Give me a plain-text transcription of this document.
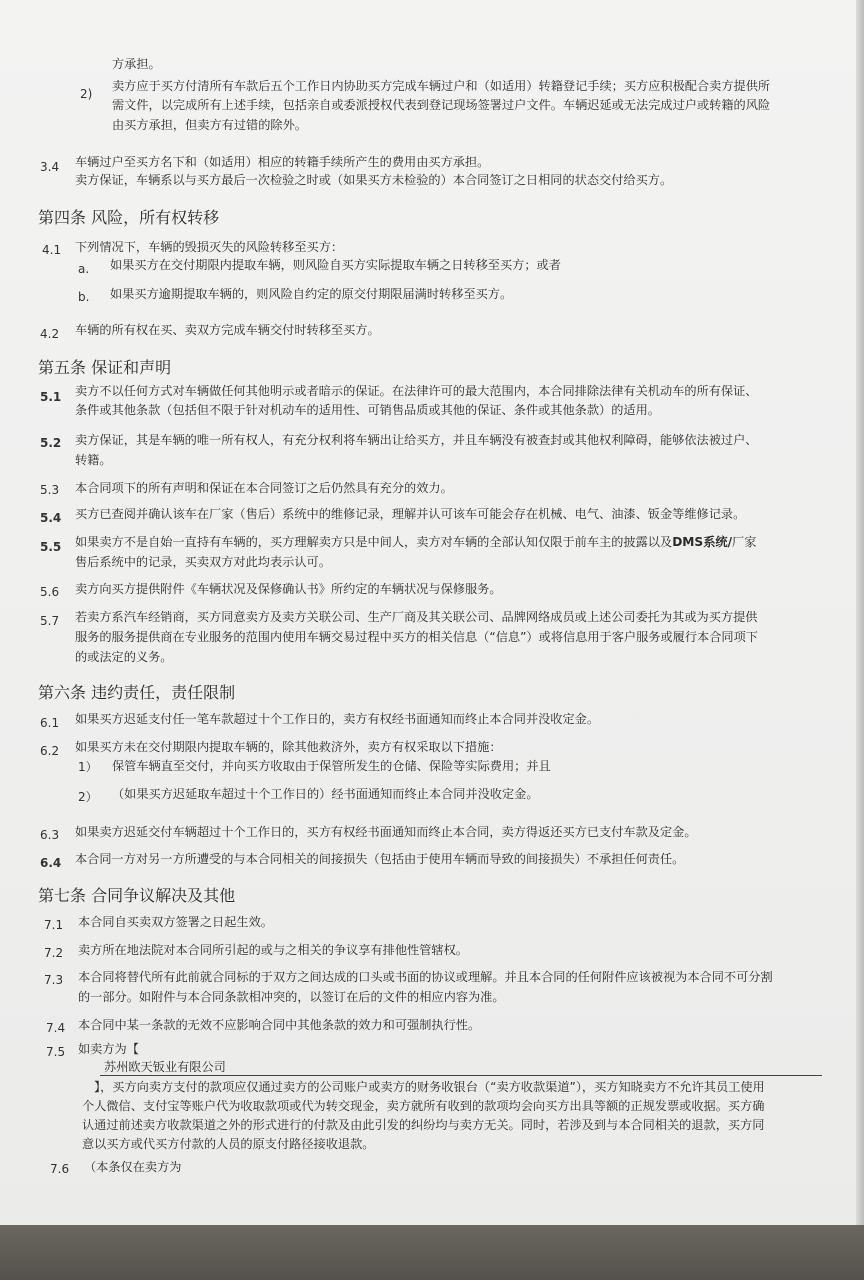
方承担。
2)
卖方应于买方付清所有车款后五个工作日内协助买方完成车辆过户和（如适用）转籍登记手续；买方应积极配合卖方提供所
需文件，以完成所有上述手续，包括亲自或委派授权代表到登记现场签署过户文件。车辆迟延或无法完成过户或转籍的风险
由买方承担，但卖方有过错的除外。
3.4 车辆过户至买方名下和（如适用）相应的转籍手续所产生的费用由买方承担。
卖方保证，车辆系以与买方最后一次检验之时或（如果买方未检验的）本合同签订之日相同的状态交付给买方。
第四条 风险，所有权转移
4.1 下列情况下，车辆的毁损灭失的风险转移至买方：
a. 如果买方在交付期限内提取车辆，则风险自买方实际提取车辆之日转移至买方；或者
b. 如果买方逾期提取车辆的，则风险自约定的原交付期限届满时转移至买方。
4.2 车辆的所有权在买、卖双方完成车辆交付时转移至买方。
第五条 保证和声明
5.1 卖方不以任何方式对车辆做任何其他明示或者暗示的保证。在法律许可的最大范围内，本合同排除法律有关机动车的所有保证、
条件或其他条款（包括但不限于针对机动车的适用性、可销售品质或其他的保证、条件或其他条款）的适用。
5.2 卖方保证，其是车辆的唯一所有权人，有充分权利将车辆出让给买方，并且车辆没有被查封或其他权利障碍，能够依法被过户、
转籍。
5.3 本合同项下的所有声明和保证在本合同签订之后仍然具有充分的效力。
5.4 买方已查阅并确认该车在厂家（售后）系统中的维修记录，理解并认可该车可能会存在机械、电气、油漆、钣金等维修记录。
5.5 如果卖方不是自始一直持有车辆的，买方理解卖方只是中间人，卖方对车辆的全部认知仅限于前车主的披露以及DMS系统/厂家
售后系统中的记录，买卖双方对此均表示认可。
5.6 卖方向买方提供附件《车辆状况及保修确认书》所约定的车辆状况与保修服务。
5.7 若卖方系汽车经销商，买方同意卖方及卖方关联公司、生产厂商及其关联公司、品牌网络成员或上述公司委托为其或为买方提供
服务的服务提供商在专业服务的范围内使用车辆交易过程中买方的相关信息（“信息”）或将信息用于客户服务或履行本合同项下
的或法定的义务。
第六条 违约责任，责任限制
6.1 如果买方迟延支付任一笔车款超过十个工作日的，卖方有权经书面通知而终止本合同并没收定金。
6.2 如果买方未在交付期限内提取车辆的，除其他救济外，卖方有权采取以下措施：
1） 保管车辆直至交付，并向买方收取由于保管所发生的仓储、保险等实际费用；并且
2） （如果买方迟延取车超过十个工作日的）经书面通知而终止本合同并没收定金。
6.3 如果卖方迟延交付车辆超过十个工作日的，买方有权经书面通知而终止本合同，卖方得返还买方已支付车款及定金。
6.4 本合同一方对另一方所遭受的与本合同相关的间接损失（包括由于使用车辆而导致的间接损失）不承担任何责任。
第七条 合同争议解决及其他
7.1 本合同自买卖双方签署之日起生效。
7.2 卖方所在地法院对本合同所引起的或与之相关的争议享有排他性管辖权。
7.3 本合同将替代所有此前就合同标的于双方之间达成的口头或书面的协议或理解。并且本合同的任何附件应该被视为本合同不可分割
的一部分。如附件与本合同条款相冲突的，以签订在后的文件的相应内容为准。
7.4 本合同中某一条款的无效不应影响合同中其他条款的效力和可强制执行性。
7.5 如卖方为【
苏州欧天钣业有限公司
】，买方向卖方支付的款项应仅通过卖方的公司账户或卖方的财务收银台（“卖方收款渠道”），买方知晓卖方不允许其员工使用
个人微信、支付宝等账户代为收取款项或代为转交现金，卖方就所有收到的款项均会向买方出具等额的正规发票或收据。买方确
认通过前述卖方收款渠道之外的形式进行的付款及由此引发的纠纷均与卖方无关。同时，若涉及到与本合同相关的退款，买方同
意以买方或代买方付款的人员的原支付路径接收退款。
7.6 （本条仅在卖方为
